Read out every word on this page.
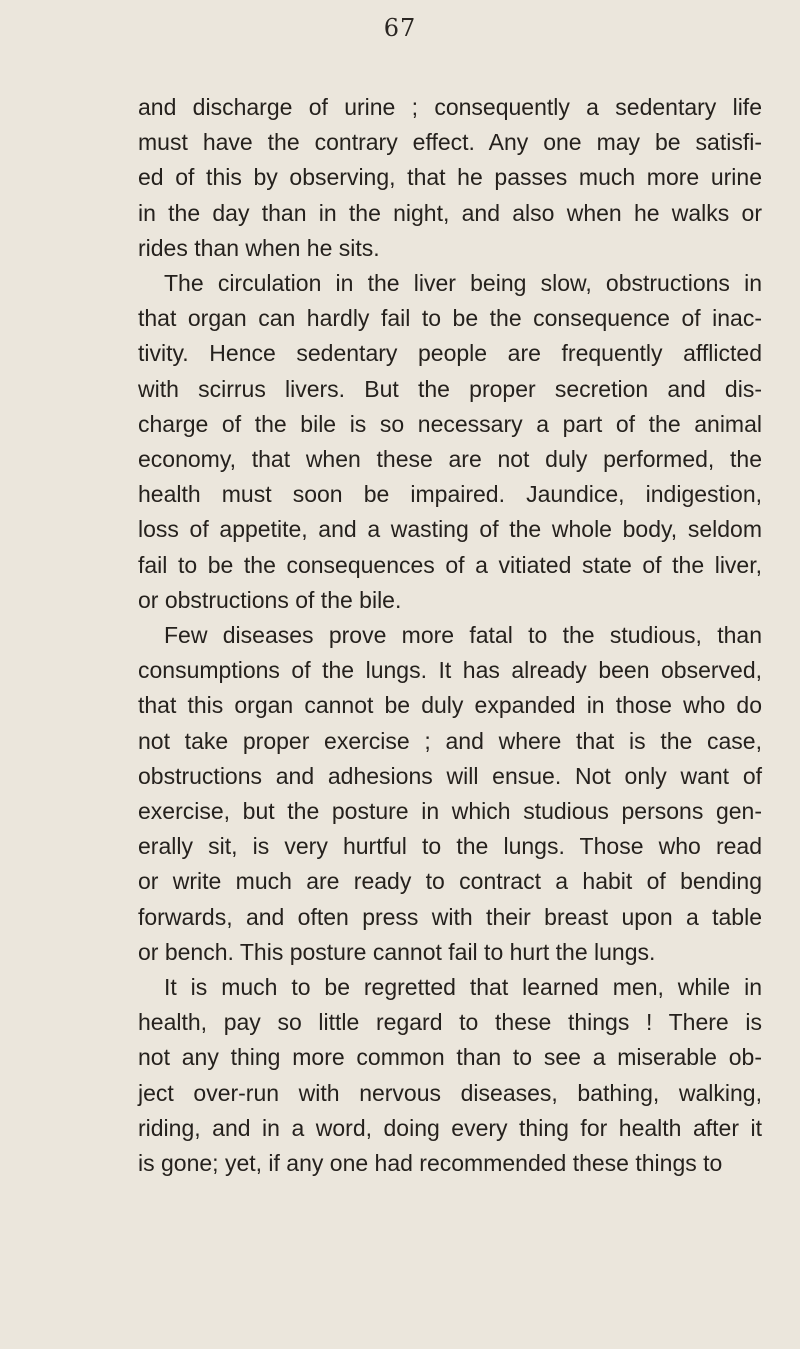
67
and discharge of urine ; consequently a sedentary life
must have the contrary effect. Any one may be satisfi-
ed of this by observing, that he passes much more urine
in the day than in the night, and also when he walks or
rides than when he sits.
The circulation in the liver being slow, obstructions in
that organ can hardly fail to be the consequence of inac-
tivity. Hence sedentary people are frequently afflicted
with scirrus livers. But the proper secretion and dis-
charge of the bile is so necessary a part of the animal
economy, that when these are not duly performed, the
health must soon be impaired. Jaundice, indigestion,
loss of appetite, and a wasting of the whole body, seldom
fail to be the consequences of a vitiated state of the liver,
or obstructions of the bile.
Few diseases prove more fatal to the studious, than
consumptions of the lungs. It has already been observed,
that this organ cannot be duly expanded in those who do
not take proper exercise ; and where that is the case,
obstructions and adhesions will ensue. Not only want of
exercise, but the posture in which studious persons gen-
erally sit, is very hurtful to the lungs. Those who read
or write much are ready to contract a habit of bending
forwards, and often press with their breast upon a table
or bench. This posture cannot fail to hurt the lungs.
It is much to be regretted that learned men, while in
health, pay so little regard to these things ! There is
not any thing more common than to see a miserable ob-
ject over-run with nervous diseases, bathing, walking,
riding, and in a word, doing every thing for health after it
is gone; yet, if any one had recommended these things to
